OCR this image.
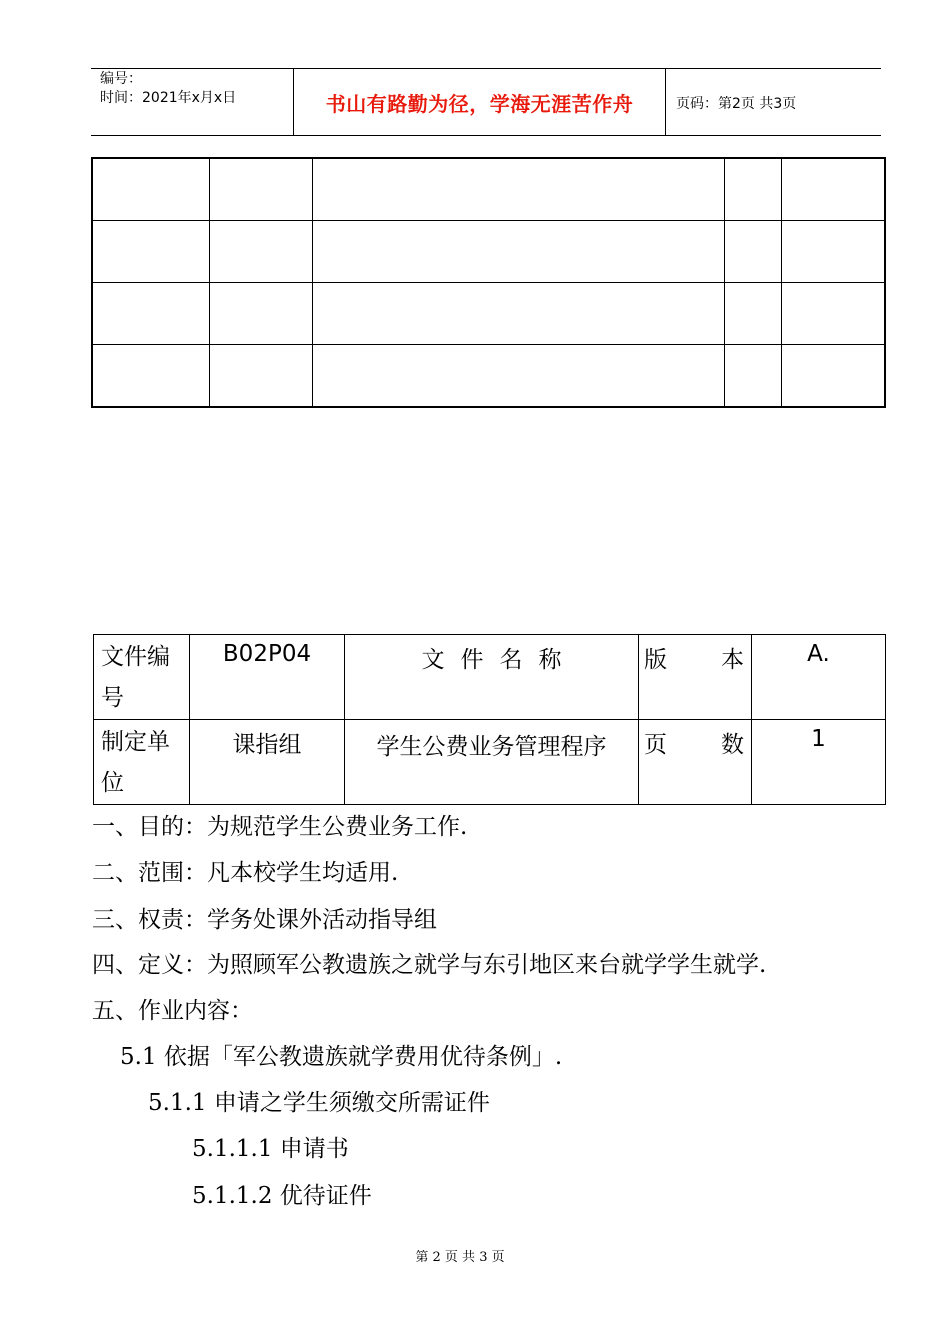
编号：
时间：2021年x月x日	书山有路勤为径，学海无涯苦作舟	页码：第2页 共3页

文件编号	B02P04	文件名称	版 本	A.
制定单位	课指组	学生公费业务管理程序	页 数	1
一、目的：为规范学生公费业务工作.
二、范围：凡本校学生均适用.
三、权责：学务处课外活动指导组
四、定义：为照顾军公教遗族之就学与东引地区来台就学学生就学.
五、作业内容：
5.1 依据「军公教遗族就学费用优待条例」.
5.1.1 申请之学生须缴交所需证件
5.1.1.1 申请书
5.1.1.2 优待证件
第 2 页 共 3 页
